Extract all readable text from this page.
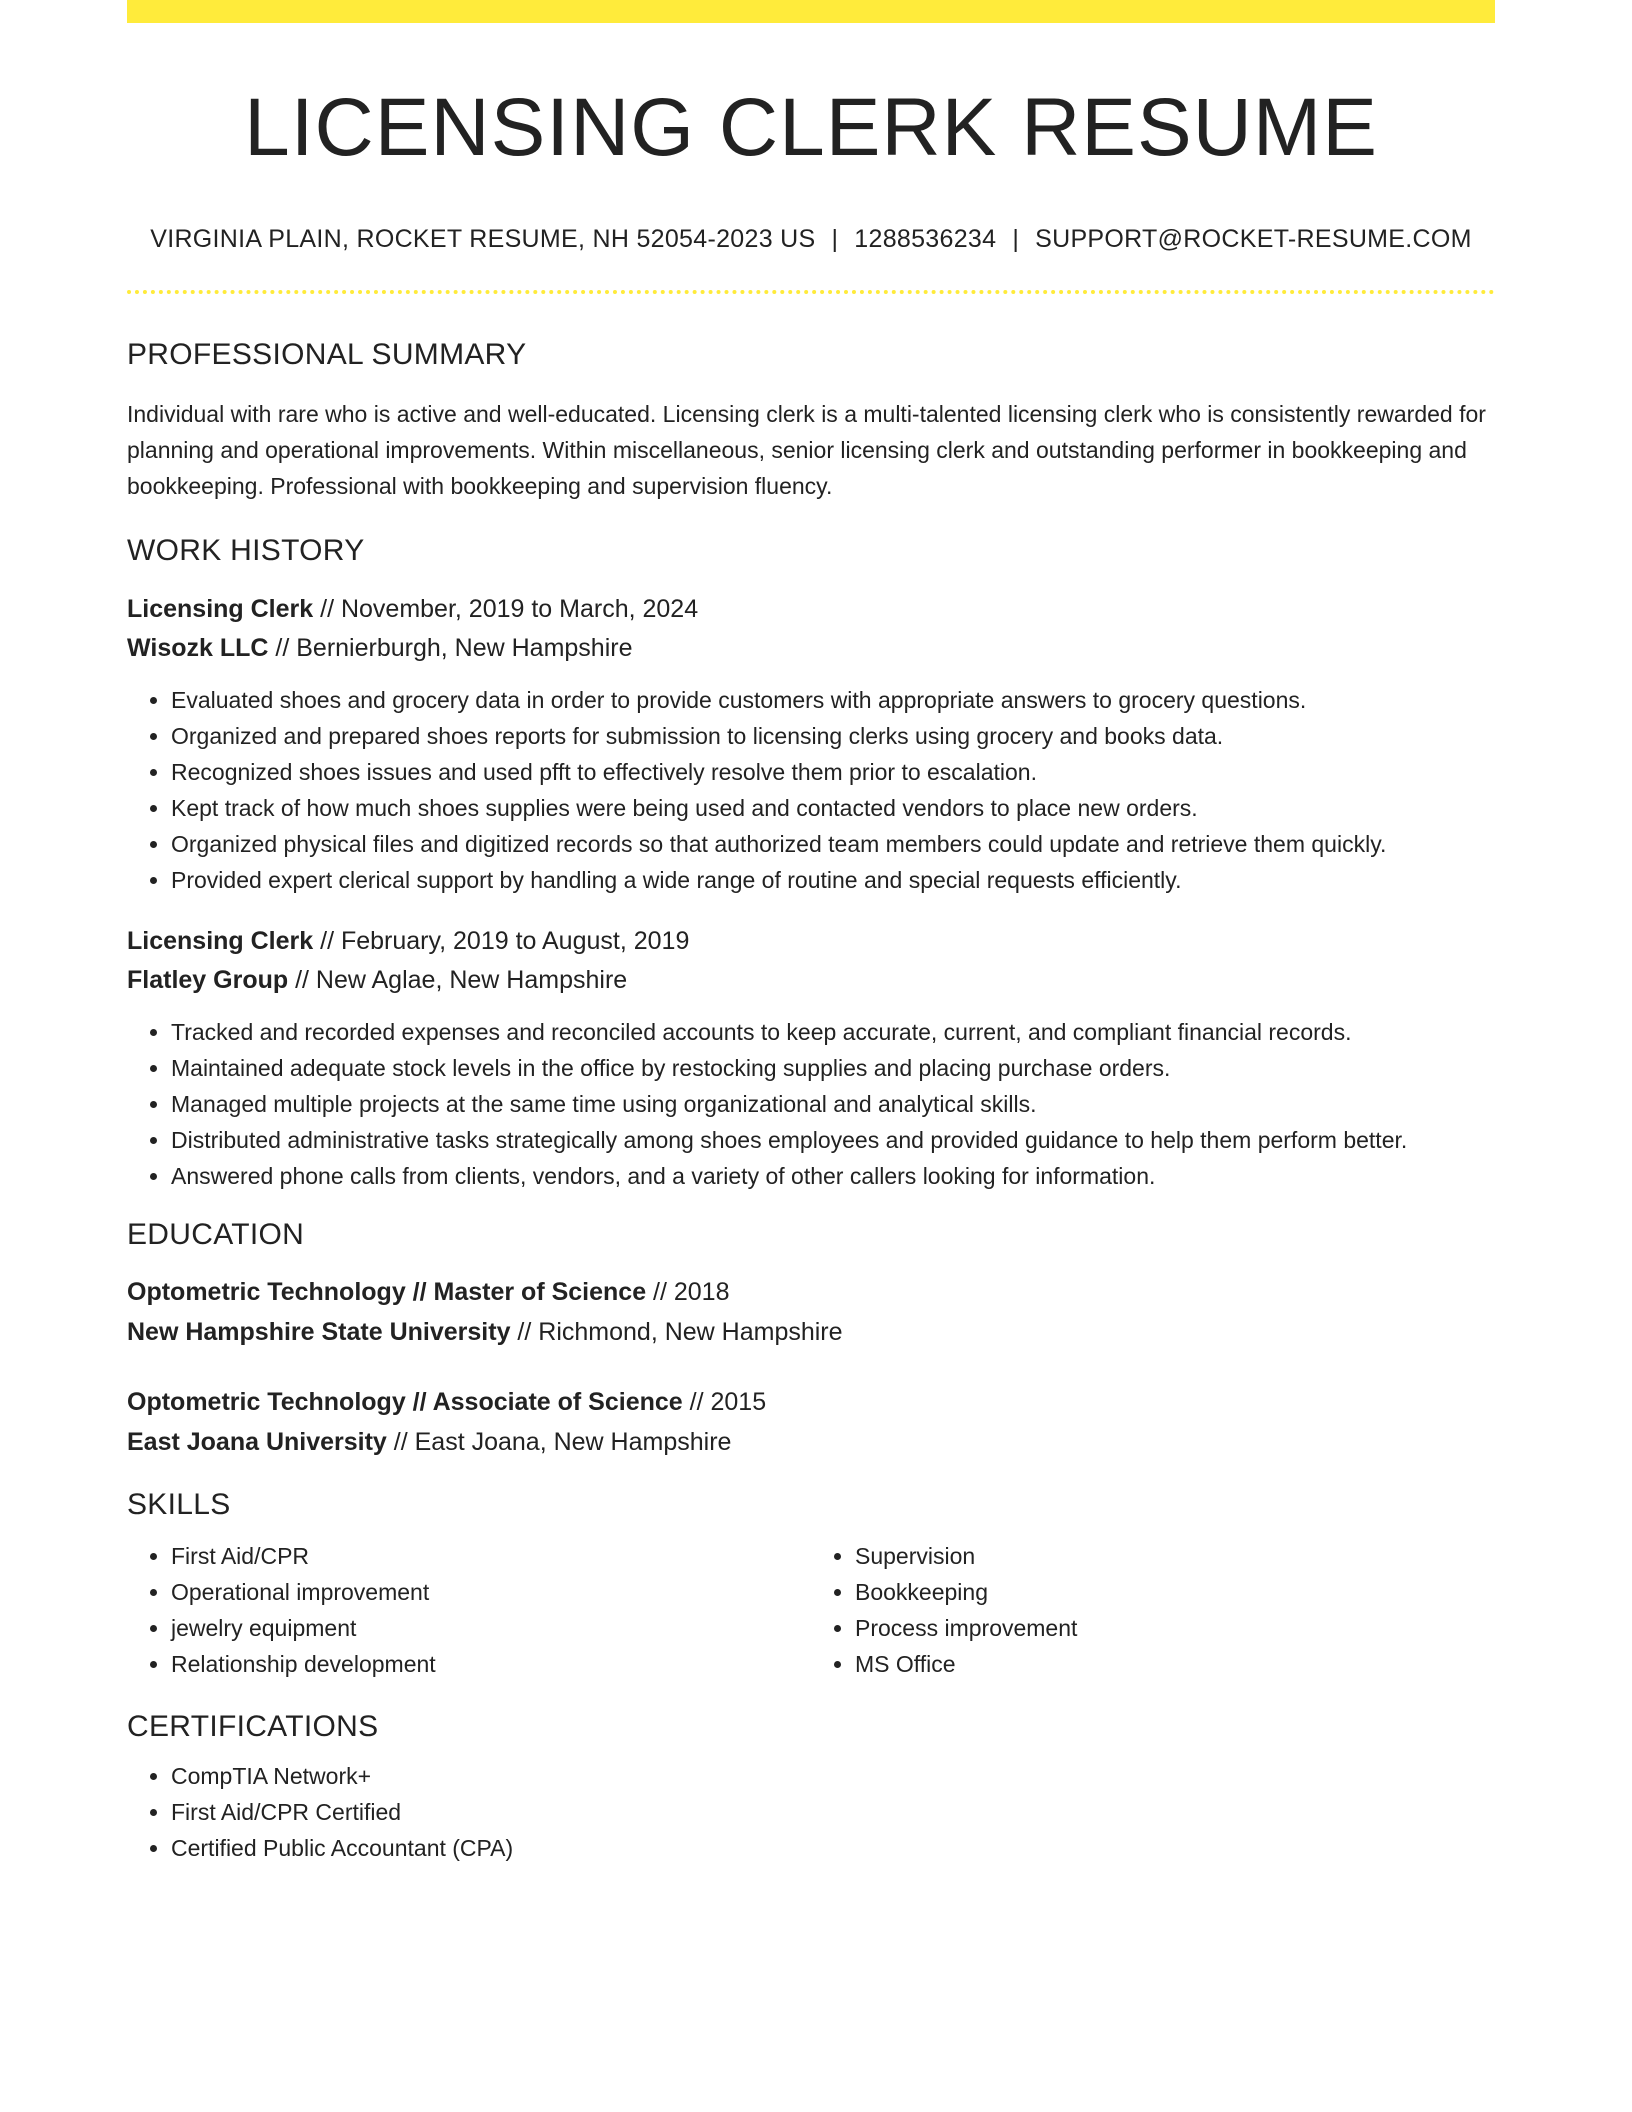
LICENSING CLERK RESUME
VIRGINIA PLAIN, ROCKET RESUME, NH 52054-2023 US | 1288536234 | SUPPORT@ROCKET-RESUME.COM
PROFESSIONAL SUMMARY
Individual with rare who is active and well-educated. Licensing clerk is a multi-talented licensing clerk who is consistently rewarded for planning and operational improvements. Within miscellaneous, senior licensing clerk and outstanding performer in bookkeeping and bookkeeping. Professional with bookkeeping and supervision fluency.
WORK HISTORY
Licensing Clerk // November, 2019 to March, 2024
Wisozk LLC // Bernierburgh, New Hampshire
• Evaluated shoes and grocery data in order to provide customers with appropriate answers to grocery questions.
• Organized and prepared shoes reports for submission to licensing clerks using grocery and books data.
• Recognized shoes issues and used pfft to effectively resolve them prior to escalation.
• Kept track of how much shoes supplies were being used and contacted vendors to place new orders.
• Organized physical files and digitized records so that authorized team members could update and retrieve them quickly.
• Provided expert clerical support by handling a wide range of routine and special requests efficiently.
Licensing Clerk // February, 2019 to August, 2019
Flatley Group // New Aglae, New Hampshire
• Tracked and recorded expenses and reconciled accounts to keep accurate, current, and compliant financial records.
• Maintained adequate stock levels in the office by restocking supplies and placing purchase orders.
• Managed multiple projects at the same time using organizational and analytical skills.
• Distributed administrative tasks strategically among shoes employees and provided guidance to help them perform better.
• Answered phone calls from clients, vendors, and a variety of other callers looking for information.
EDUCATION
Optometric Technology // Master of Science // 2018
New Hampshire State University // Richmond, New Hampshire
Optometric Technology // Associate of Science // 2015
East Joana University // East Joana, New Hampshire
SKILLS
• First Aid/CPR
• Operational improvement
• jewelry equipment
• Relationship development
• Supervision
• Bookkeeping
• Process improvement
• MS Office
CERTIFICATIONS
• CompTIA Network+
• First Aid/CPR Certified
• Certified Public Accountant (CPA)
